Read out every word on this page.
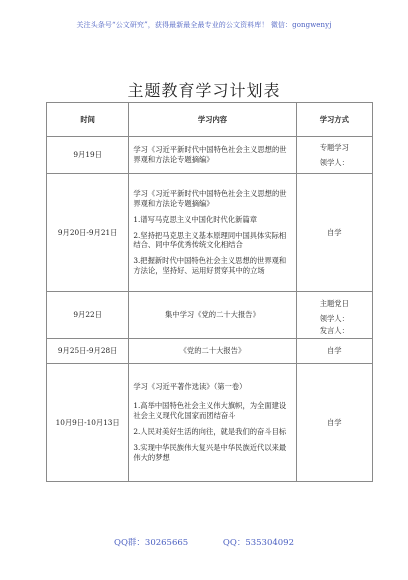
关注头条号“公文研究”，获得最新最全最专业的公文资料库！ 微信：gongwenyj
主题教育学习计划表
时间	学习内容	学习方式
9月19日	学习《习近平新时代中国特色社会主义思想的世界观和方法论专题摘编》	专题学习
领学人：

9月20日-9月21日	学习《习近平新时代中国特色社会主义思想的世界观和方法论专题摘编》
1.谱写马克思主义中国化时代化新篇章
2.坚持把马克思主义基本原理同中国具体实际相结合、同中华优秀传统文化相结合
3.把握新时代中国特色社会主义思想的世界观和方法论，坚持好、运用好贯穿其中的立场	自学

9月22日	集中学习《党的二十大报告》	主题党日
领学人：
发言人：

9月25日-9月28日	《党的二十大报告》	自学

10月9日-10月13日	学习《习近平著作选读》（第一卷）
1.高举中国特色社会主义伟大旗帜，为全面建设社会主义现代化国家而团结奋斗
2.人民对美好生活的向往，就是我们的奋斗目标
3.实现中华民族伟大复兴是中华民族近代以来最伟大的梦想	自学
QQ群：30265665	QQ：535304092
